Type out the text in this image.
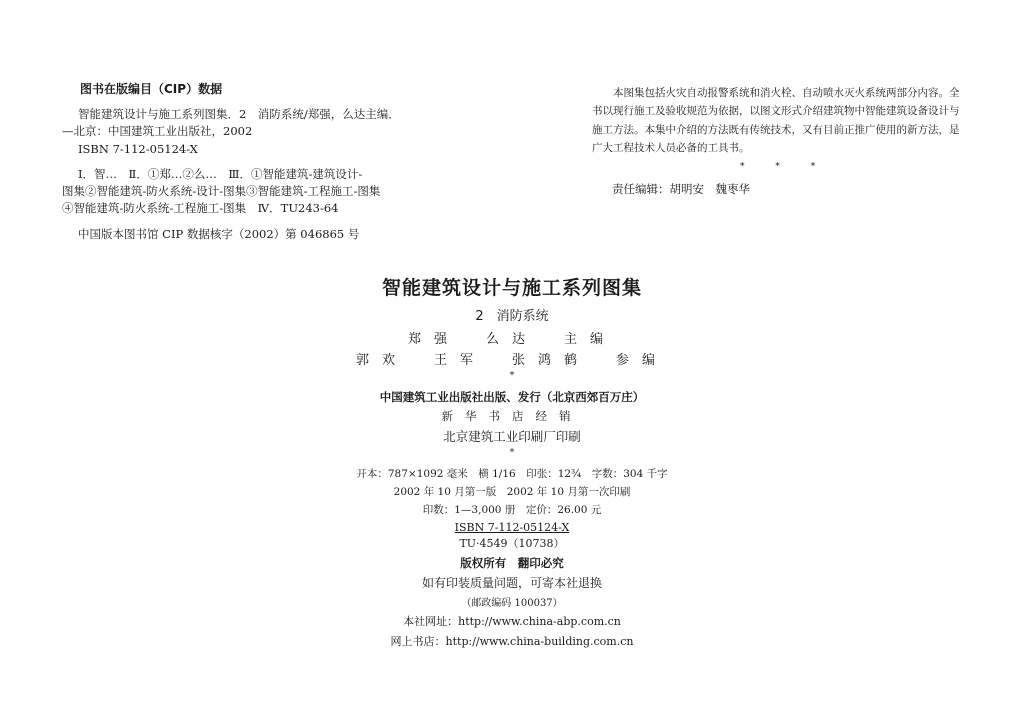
图书在版编目（CIP）数据
智能建筑设计与施工系列图集．2　消防系统/郑强，么达主编．
—北京：中国建筑工业出版社，2002
ISBN 7-112-05124-X
Ⅰ．智…　Ⅱ．①郑…②么…　Ⅲ．①智能建筑-建筑设计-
图集②智能建筑-防火系统-设计-图集③智能建筑-工程施工-图集
④智能建筑-防火系统-工程施工-图集　Ⅳ．TU243-64
中国版本图书馆 CIP 数据核字（2002）第 046865 号

本图集包括火灾自动报警系统和消火栓、自动喷水灭火系统两部分内容。全书以现行施工及验收规范为依据，以图文形式介绍建筑物中智能建筑设备设计与施工方法。本集中介绍的方法既有传统技术，又有目前正推广使用的新方法，是广大工程技术人员必备的工具书。

* * *
责任编辑：胡明安　魏枣华
智能建筑设计与施工系列图集
2　消防系统
郑强　么达　主编
郭欢　王军　张鸿鹤　参编
*
中国建筑工业出版社出版、发行（北京西郊百万庄）
新华书店经销
北京建筑工业印刷厂印刷
*
开本：787×1092 毫米　横 1/16　印张：12¾　字数：304 千字
2002 年 10 月第一版　2002 年 10 月第一次印刷
印数：1—3,000 册　定价：26.00 元
ISBN 7-112-05124-X
TU·4549（10738）
版权所有　翻印必究
如有印装质量问题，可寄本社退换
（邮政编码 100037）
本社网址：http://www.china-abp.com.cn
网上书店：http://www.china-building.com.cn
